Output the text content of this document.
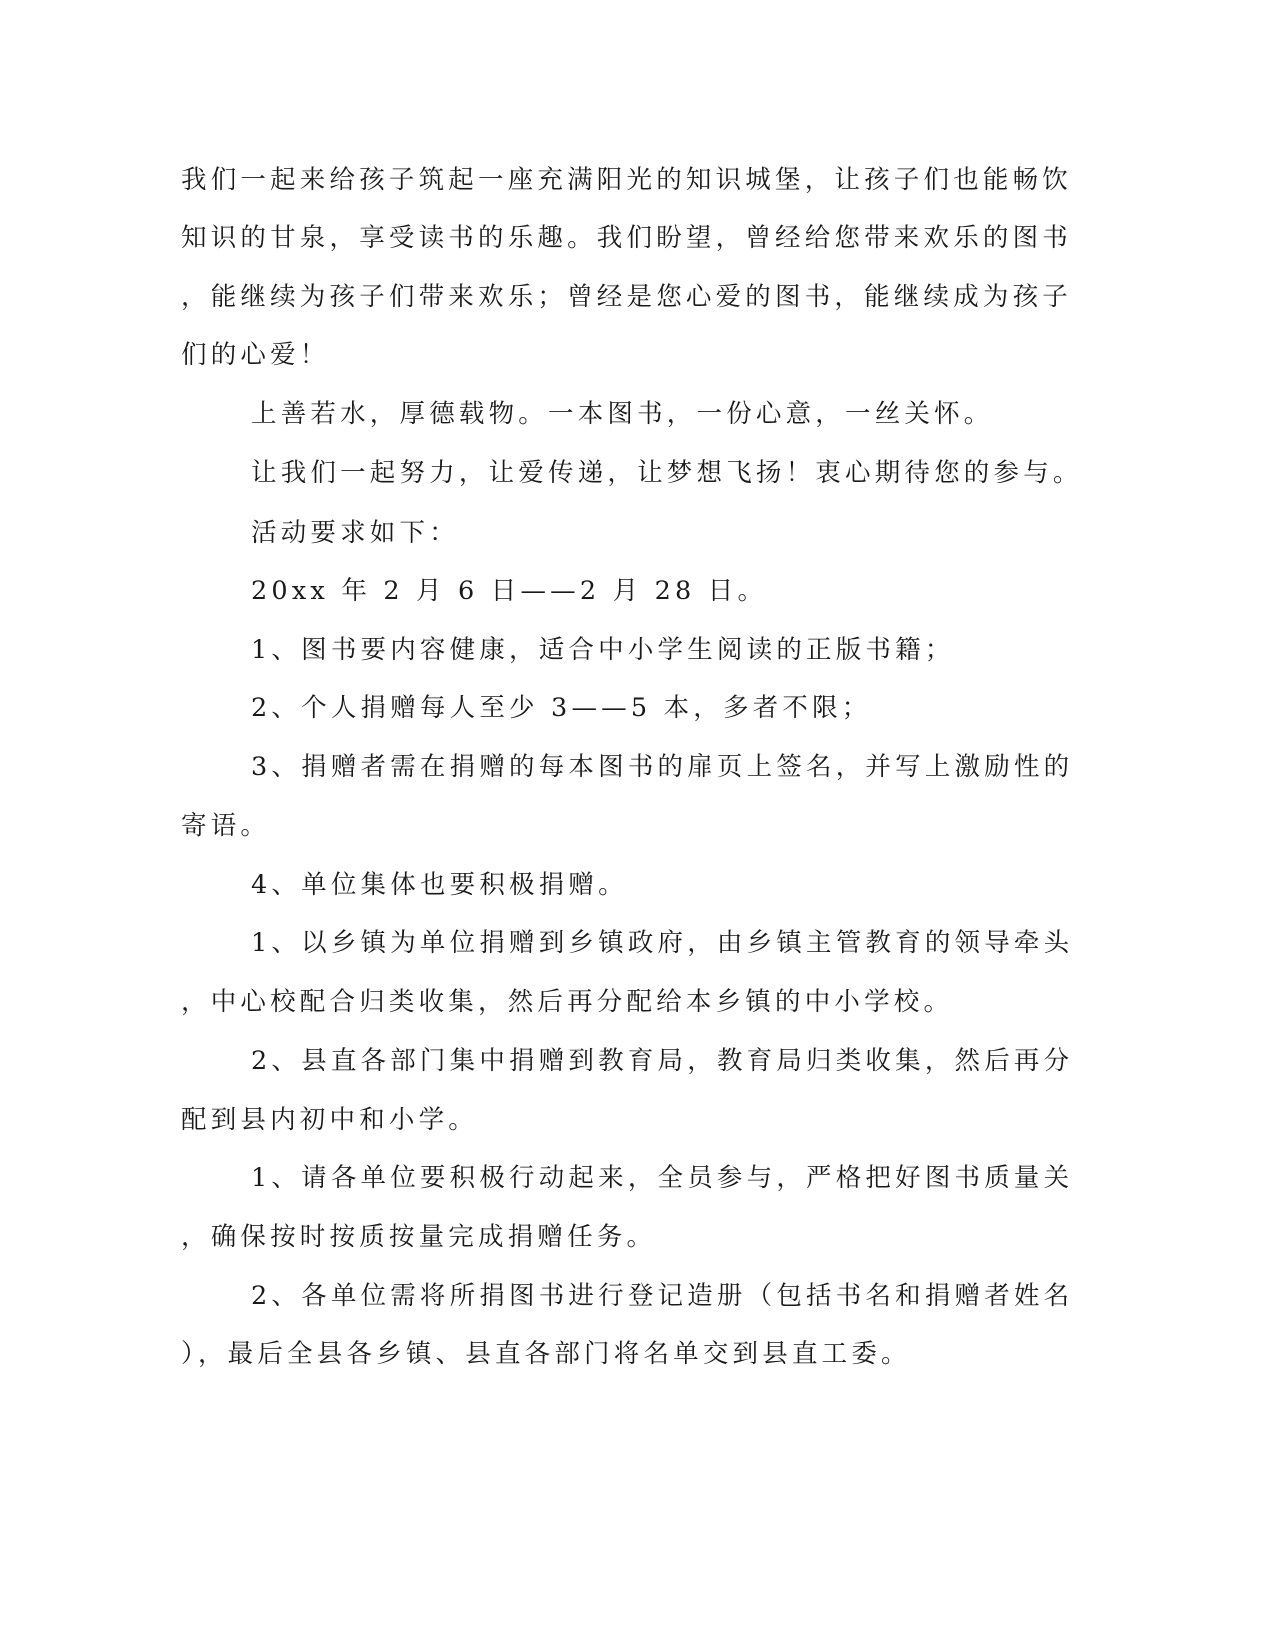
我们一起来给孩子筑起一座充满阳光的知识城堡，让孩子们也能畅饮
知识的甘泉，享受读书的乐趣。我们盼望，曾经给您带来欢乐的图书
，能继续为孩子们带来欢乐；曾经是您心爱的图书，能继续成为孩子
们的心爱！
上善若水，厚德载物。一本图书，一份心意，一丝关怀。
让我们一起努力，让爱传递，让梦想飞扬！衷心期待您的参与。
活动要求如下：
20xx 年 2 月 6 日——2 月 28 日。
1、图书要内容健康，适合中小学生阅读的正版书籍；
2、个人捐赠每人至少 3——5 本，多者不限；
3、捐赠者需在捐赠的每本图书的扉页上签名，并写上激励性的
寄语。
4、单位集体也要积极捐赠。
1、以乡镇为单位捐赠到乡镇政府，由乡镇主管教育的领导牵头
，中心校配合归类收集，然后再分配给本乡镇的中小学校。
2、县直各部门集中捐赠到教育局，教育局归类收集，然后再分
配到县内初中和小学。
1、请各单位要积极行动起来，全员参与，严格把好图书质量关
，确保按时按质按量完成捐赠任务。
2、各单位需将所捐图书进行登记造册（包括书名和捐赠者姓名
），最后全县各乡镇、县直各部门将名单交到县直工委。
